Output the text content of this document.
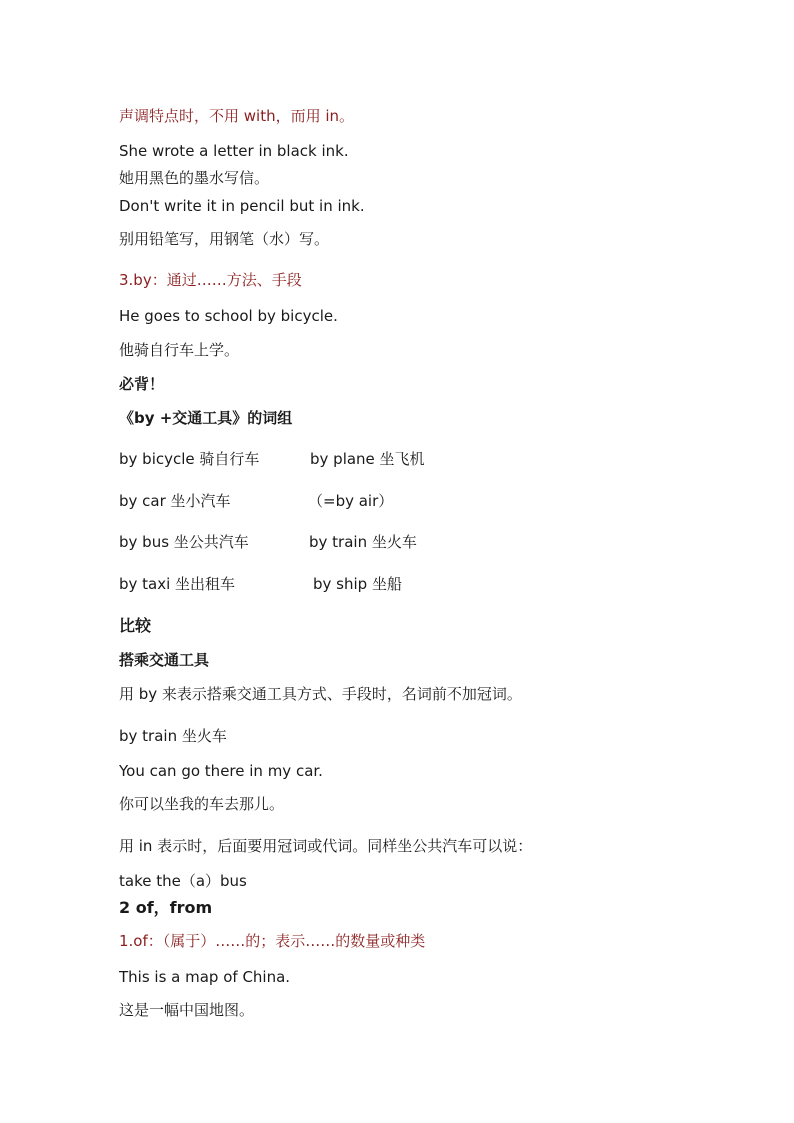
声调特点时，不用 with，而用 in。
She wrote a letter in black ink.
她用黑色的墨水写信。
Don't write it in pencil but in ink.
别用铅笔写，用钢笔（水）写。
3.by：通过……方法、手段
He goes to school by bicycle.
他骑自行车上学。
必背！
《by +交通工具》的词组
by bicycle 骑自行车	by plane 坐飞机
by car 坐小汽车	（=by air）
by bus 坐公共汽车	by train 坐火车
by taxi 坐出租车	by ship 坐船
比较
搭乘交通工具
用 by 来表示搭乘交通工具方式、手段时，名词前不加冠词。
by train 坐火车
You can go there in my car.
你可以坐我的车去那儿。
用 in 表示时，后面要用冠词或代词。同样坐公共汽车可以说：
take the（a）bus
2 of，from
1.of：（属于）……的；表示……的数量或种类
This is a map of China.
这是一幅中国地图。
